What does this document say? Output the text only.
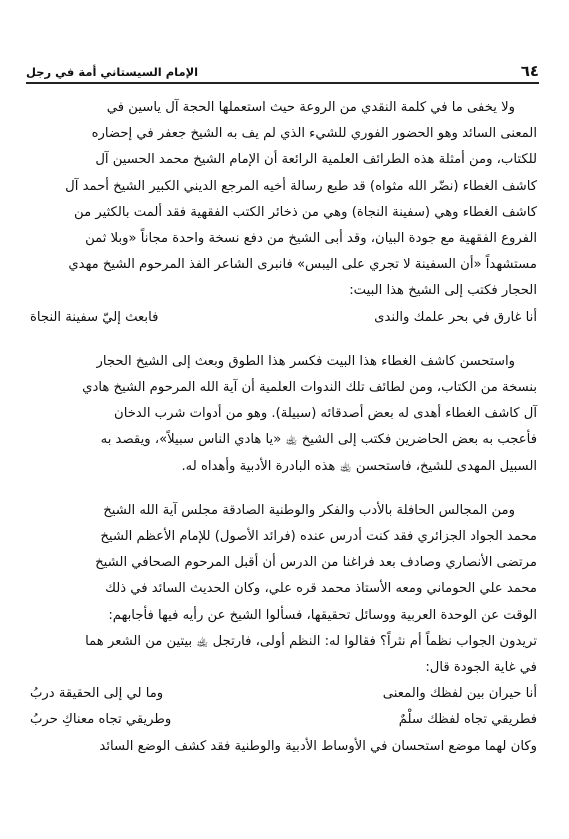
٦٤
الإمام السيستاني أمة في رجل

ولا يخفى ما في كلمة النقدي من الروعة حيث استعملها الحجة آل ياسين في

المعنى السائد وهو الحضور الفوري للشيء الذي لم يف به الشيخ جعفر في إحضاره

للكتاب، ومن أمثلة هذه الطرائف العلمية الرائعة أن الإمام الشيخ محمد الحسين آل

كاشف الغطاء (نضّر الله مثواه) قد طبع رسالة أخيه المرجع الديني الكبير الشيخ أحمد آل

كاشف الغطاء وهي (سفينة النجاة) وهي من ذخائر الكتب الفقهية فقد ألمت بالكثير من

الفروع الفقهية مع جودة البيان، وقد أبى الشيخ من دفع نسخة واحدة مجاناً «وبلا ثمن

مستشهداً «أن السفينة لا تجري على اليبس» فانبرى الشاعر الفذ المرحوم الشيخ مهدي

الحجار فكتب إلى الشيخ هذا البيت:

أنا غارق في بحر علمك والندى
فابعث إليّ سفينة النجاة

واستحسن كاشف الغطاء هذا البيت فكسر هذا الطوق وبعث إلى الشيخ الحجار

بنسخة من الكتاب، ومن لطائف تلك الندوات العلمية أن آية الله المرحوم الشيخ هادي

آل كاشف الغطاء أهدى له بعض أصدقائه (سبيلة). وهو من أدوات شرب الدخان

فأعجب به بعض الحاضرين فكتب إلى الشيخ ﵀ «يا هادي الناس سبيلاً»، ويقصد به

السبيل المهدى للشيخ، فاستحسن ﵀ هذه البادرة الأدبية وأهداه له.

ومن المجالس الحافلة بالأدب والفكر والوطنية الصادقة مجلس آية الله الشيخ

محمد الجواد الجزائري فقد كنت أدرس عنده (فرائد الأصول) للإمام الأعظم الشيخ

مرتضى الأنصاري وصادف بعد فراغنا من الدرس أن أقبل المرحوم الصحافي الشيخ

محمد علي الحوماني ومعه الأستاذ محمد قره علي، وكان الحديث السائد في ذلك

الوقت عن الوحدة العربية ووسائل تحقيقها، فسألوا الشيخ عن رأيه فيها فأجابهم:

تريدون الجواب نظماً أم نثراً؟ فقالوا له: النظم أولى، فارتجل ﵀ بيتين من الشعر هما

في غاية الجودة قال:

أنا حيران بين لفظك والمعنى
وما لي إلى الحقيقة دربُ
فطريقي تجاه لفظك سلْمٌ
وطريقي تجاه معناكِ حربُ

وكان لهما موضع استحسان في الأوساط الأدبية والوطنية فقد كشف الوضع السائد
